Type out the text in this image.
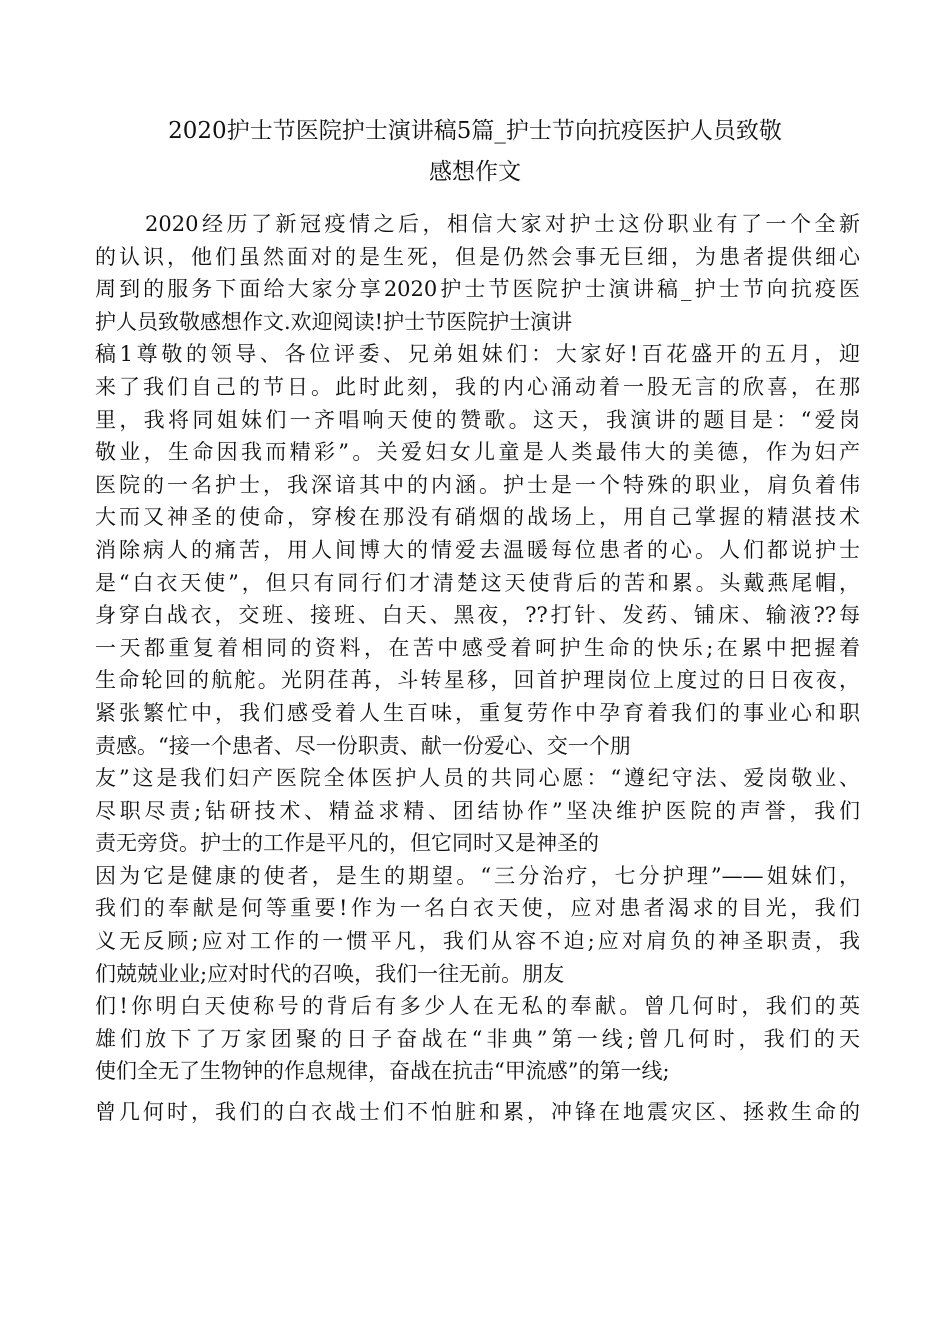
2020护士节医院护士演讲稿5篇_护士节向抗疫医护人员致敬
感想作文
2020经历了新冠疫情之后，相信大家对护士这份职业有了一个全新
的认识，他们虽然面对的是生死，但是仍然会事无巨细，为患者提供细心
周到的服务下面给大家分享2020护士节医院护士演讲稿_护士节向抗疫医
护人员致敬感想作文.欢迎阅读!护士节医院护士演讲
稿1尊敬的领导、各位评委、兄弟姐妹们：大家好!百花盛开的五月，迎
来了我们自己的节日。此时此刻，我的内心涌动着一股无言的欣喜，在那
里，我将同姐妹们一齐唱响天使的赞歌。这天，我演讲的题目是：“爱岗
敬业，生命因我而精彩”。关爱妇女儿童是人类最伟大的美德，作为妇产
医院的一名护士，我深谙其中的内涵。护士是一个特殊的职业，肩负着伟
大而又神圣的使命，穿梭在那没有硝烟的战场上，用自己掌握的精湛技术
消除病人的痛苦，用人间博大的情爱去温暖每位患者的心。人们都说护士
是“白衣天使”，但只有同行们才清楚这天使背后的苦和累。头戴燕尾帽，
身穿白战衣，交班、接班、白天、黑夜，??打针、发药、铺床、输液??每
一天都重复着相同的资料，在苦中感受着呵护生命的快乐;在累中把握着
生命轮回的航舵。光阴荏苒，斗转星移，回首护理岗位上度过的日日夜夜，
紧张繁忙中，我们感受着人生百味，重复劳作中孕育着我们的事业心和职
责感。“接一个患者、尽一份职责、献一份爱心、交一个朋
友”这是我们妇产医院全体医护人员的共同心愿：“遵纪守法、爱岗敬业、
尽职尽责;钻研技术、精益求精、团结协作”坚决维护医院的声誉，我们
责无旁贷。护士的工作是平凡的，但它同时又是神圣的
因为它是健康的使者，是生的期望。“三分治疗，七分护理”——姐妹们，
我们的奉献是何等重要!作为一名白衣天使，应对患者渴求的目光，我们
义无反顾;应对工作的一惯平凡，我们从容不迫;应对肩负的神圣职责，我
们兢兢业业;应对时代的召唤，我们一往无前。朋友
们!你明白天使称号的背后有多少人在无私的奉献。曾几何时，我们的英
雄们放下了万家团聚的日子奋战在“非典”第一线;曾几何时，我们的天
使们全无了生物钟的作息规律，奋战在抗击“甲流感”的第一线;
曾几何时，我们的白衣战士们不怕脏和累，冲锋在地震灾区、拯救生命的
